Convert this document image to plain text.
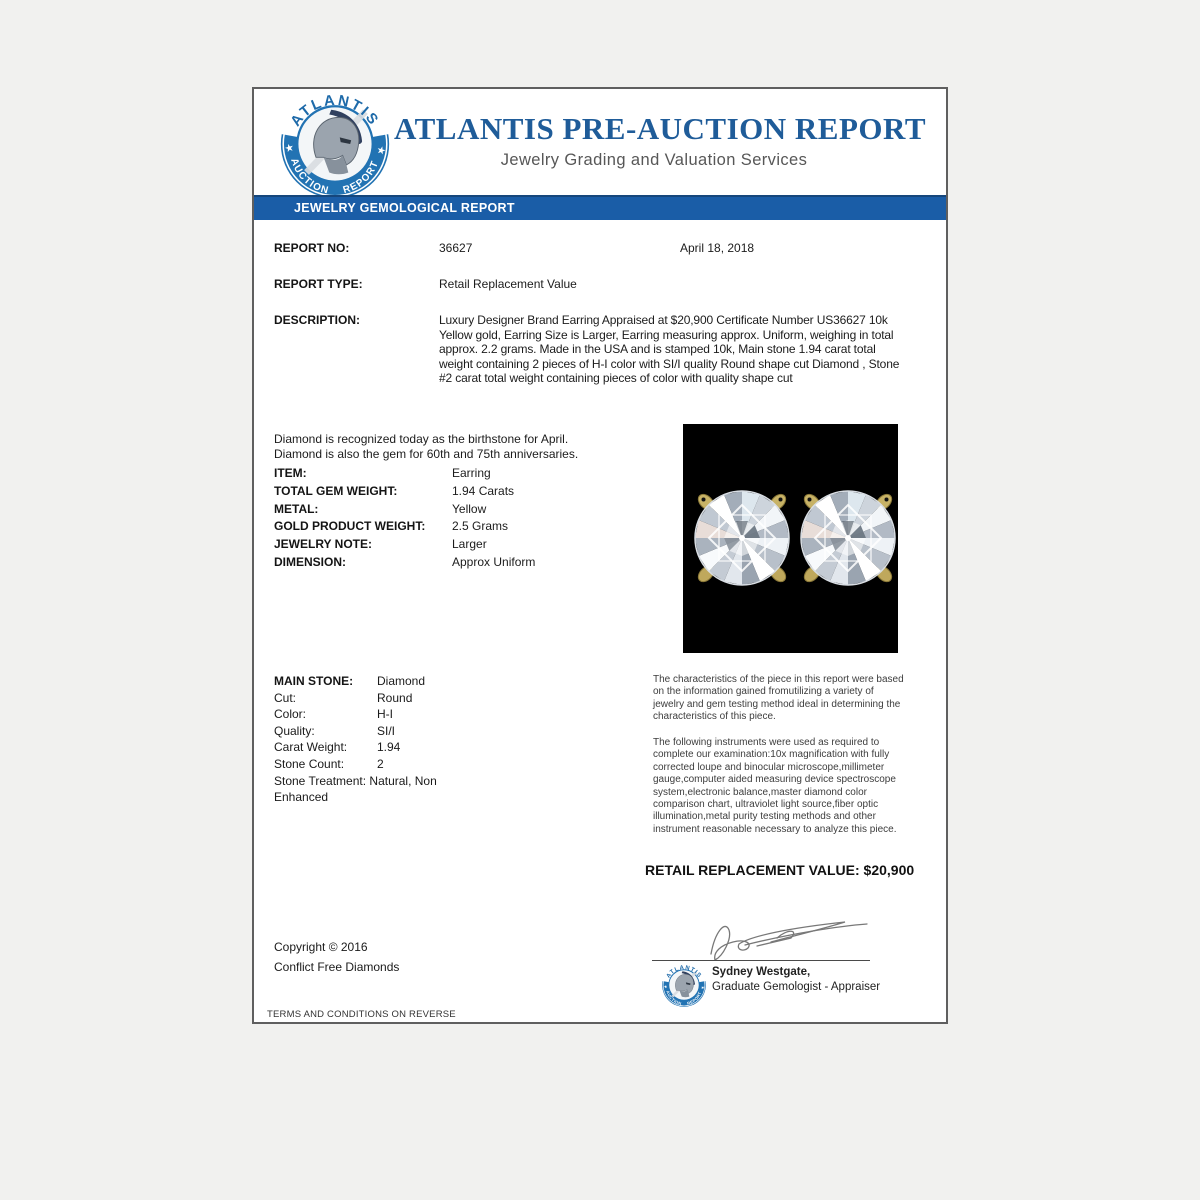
ATLANTIS PRE-AUCTION REPORT
Jewelry Grading and Valuation Services
JEWELRY GEMOLOGICAL REPORT
REPORT NO:	36627	April 18, 2018
REPORT TYPE:	Retail Replacement Value
DESCRIPTION:	Luxury Designer Brand Earring Appraised at $20,900 Certificate Number US36627 10k Yellow gold, Earring Size is Larger, Earring measuring approx. Uniform, weighing in total approx. 2.2 grams. Made in the USA and is stamped 10k, Main stone 1.94 carat total weight containing 2 pieces of H-I color with SI/I quality Round shape cut Diamond , Stone #2 carat total weight containing pieces of color with quality shape cut
Diamond is recognized today as the birthstone for April.
Diamond is also the gem for 60th and 75th anniversaries.
ITEM:	Earring
TOTAL GEM WEIGHT:	1.94 Carats
METAL:	Yellow
GOLD PRODUCT WEIGHT:	2.5 Grams
JEWELRY NOTE:	Larger
DIMENSION:	Approx Uniform
MAIN STONE:	Diamond
Cut:	Round
Color:	H-I
Quality:	SI/I
Carat Weight:	1.94
Stone Count:	2
Stone Treatment: Natural, Non Enhanced
The characteristics of the piece in this report were based on the information gained fromutilizing a variety of jewelry and gem testing method ideal in determining the characteristics of this piece.
The following instruments were used as required to complete our examination:10x magnification with fully corrected loupe and binocular microscope,millimeter gauge,computer aided measuring device spectroscope system,electronic balance,master diamond color comparison chart, ultraviolet light source,fiber optic illumination,metal purity testing methods and other instrument reasonable necessary to analyze this piece.
RETAIL REPLACEMENT VALUE: $20,900
Sydney Westgate,
Graduate Gemologist - Appraiser
Copyright © 2016
Conflict Free Diamonds
TERMS AND CONDITIONS ON REVERSE
